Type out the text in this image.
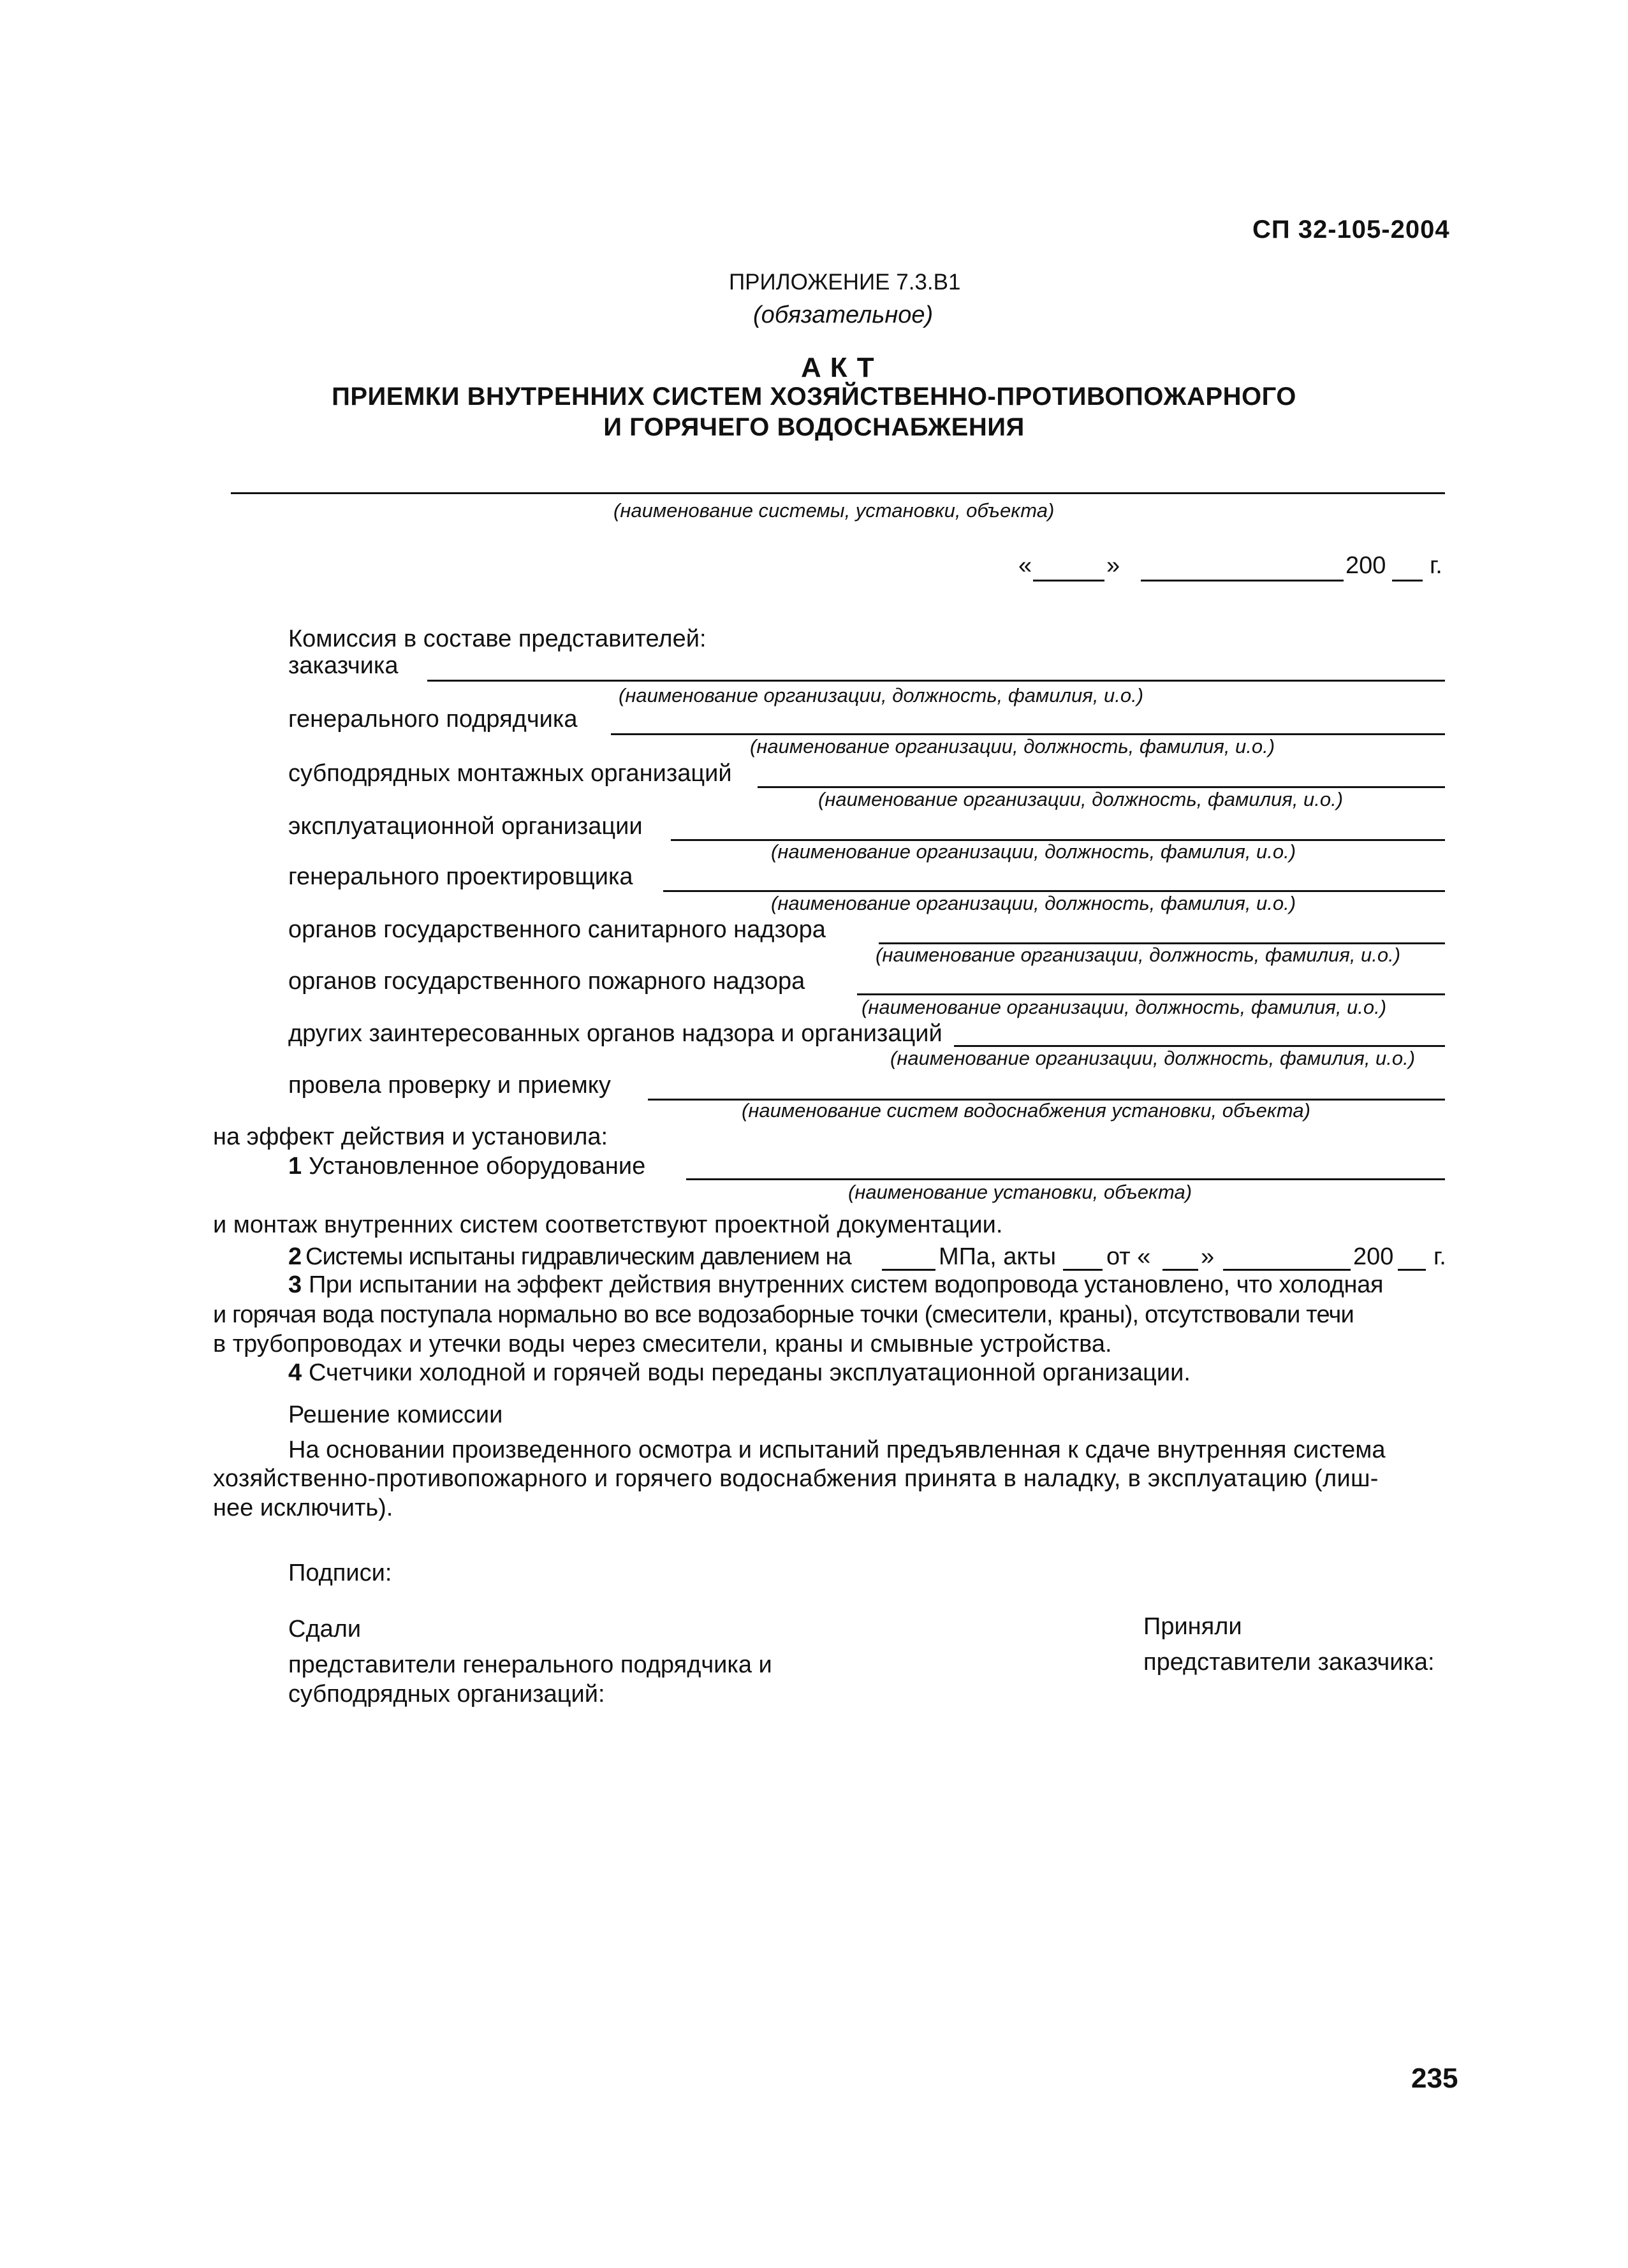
СП 32-105-2004
ПРИЛОЖЕНИЕ 7.3.В1
(обязательное)
АКТ
ПРИЕМКИ ВНУТРЕННИХ СИСТЕМ ХОЗЯЙСТВЕННО-ПРОТИВОПОЖАРНОГО
И ГОРЯЧЕГО ВОДОСНАБЖЕНИЯ
(наименование системы, установки, объекта)
«	»	200 г.
Комиссия в составе представителей:
заказчика
(наименование организации, должность, фамилия, и.о.)
генерального подрядчика
(наименование организации, должность, фамилия, и.о.)
субподрядных монтажных организаций
(наименование организации, должность, фамилия, и.о.)
эксплуатационной организации
(наименование организации, должность, фамилия, и.о.)
генерального проектировщика
(наименование организации, должность, фамилия, и.о.)
органов государственного санитарного надзора
(наименование организации, должность, фамилия, и.о.)
органов государственного пожарного надзора
(наименование организации, должность, фамилия, и.о.)
других заинтересованных органов надзора и организаций
(наименование организации, должность, фамилия, и.о.)
провела проверку и приемку
(наименование систем водоснабжения установки, объекта)
на эффект действия и установила:
1 Установленное оборудование
(наименование установки, объекта)
и монтаж внутренних систем соответствуют проектной документации.
2 Системы испытаны гидравлическим давлением на	МПа, акты от « »	200 г.
3 При испытании на эффект действия внутренних систем водопровода установлено, что холодная
и горячая вода поступала нормально во все водозаборные точки (смесители, краны), отсутствовали течи
в трубопроводах и утечки воды через смесители, краны и смывные устройства.
4 Счетчики холодной и горячей воды переданы эксплуатационной организации.
Решение комиссии
На основании произведенного осмотра и испытаний предъявленная к сдаче внутренняя система
хозяйственно-противопожарного и горячего водоснабжения принята в наладку, в эксплуатацию (лиш-
нее исключить).
Подписи:
Сдали
представители генерального подрядчика и
субподрядных организаций:
Приняли
представители заказчика:
235
